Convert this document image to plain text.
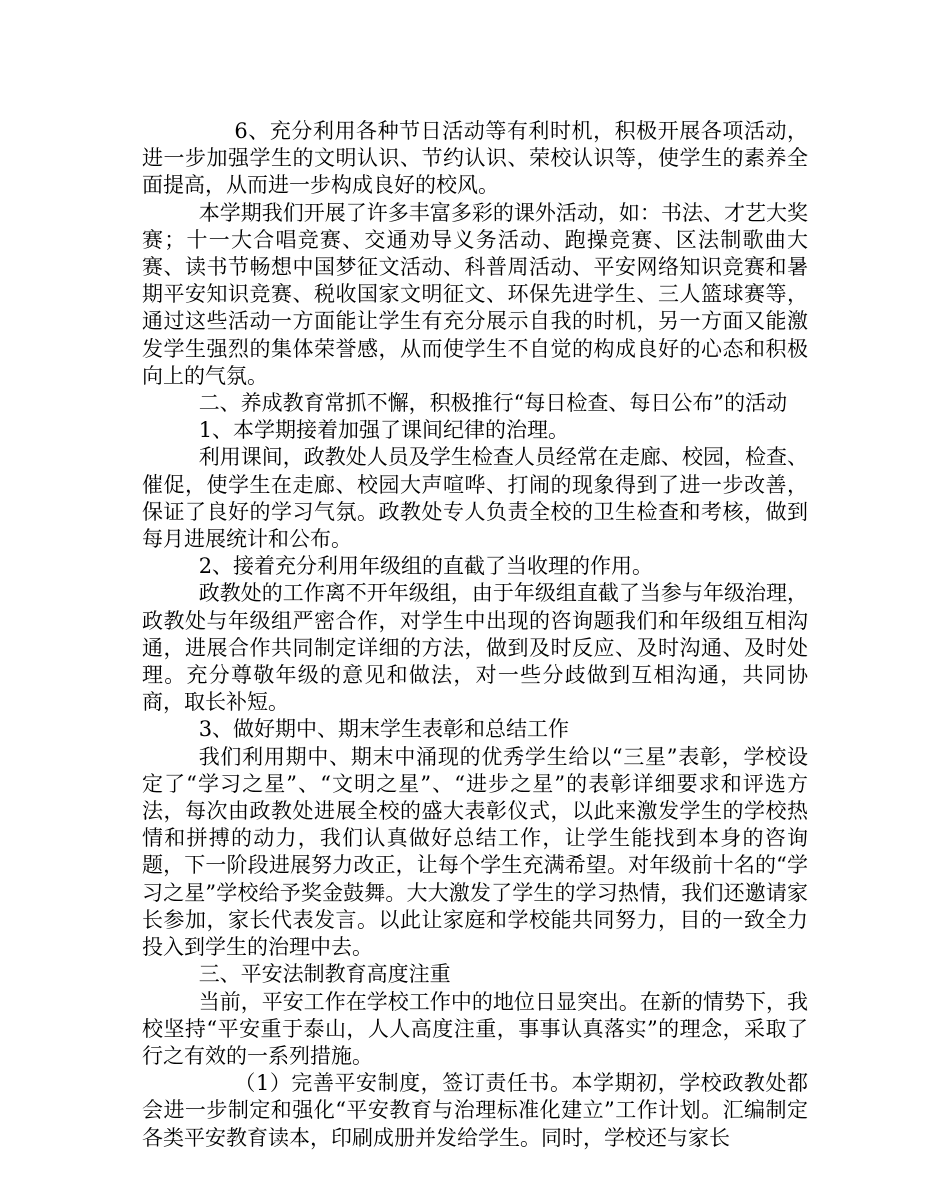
6、充分利用各种节日活动等有利时机，积极开展各项活动，进一步加强学生的文明认识、节约认识、荣校认识等，使学生的素养全面提高，从而进一步构成良好的校风。

本学期我们开展了许多丰富多彩的课外活动，如：书法、才艺大奖赛；十一大合唱竞赛、交通劝导义务活动、跑操竞赛、区法制歌曲大赛、读书节畅想中国梦征文活动、科普周活动、平安网络知识竞赛和暑期平安知识竞赛、税收国家文明征文、环保先进学生、三人篮球赛等，通过这些活动一方面能让学生有充分展示自我的时机，另一方面又能激发学生强烈的集体荣誉感，从而使学生不自觉的构成良好的心态和积极向上的气氛。

二、养成教育常抓不懈，积极推行“每日检查、每日公布”的活动

1、本学期接着加强了课间纪律的治理。

利用课间，政教处人员及学生检查人员经常在走廊、校园，检查、催促，使学生在走廊、校园大声喧哗、打闹的现象得到了进一步改善，保证了良好的学习气氛。政教处专人负责全校的卫生检查和考核，做到每月进展统计和公布。

2、接着充分利用年级组的直截了当收理的作用。

政教处的工作离不开年级组，由于年级组直截了当参与年级治理，政教处与年级组严密合作，对学生中出现的咨询题我们和年级组互相沟通，进展合作共同制定详细的方法，做到及时反应、及时沟通、及时处理。充分尊敬年级的意见和做法，对一些分歧做到互相沟通，共同协商，取长补短。

3、做好期中、期末学生表彰和总结工作

我们利用期中、期末中涌现的优秀学生给以“三星”表彰，学校设定了“学习之星”、“文明之星”、“进步之星”的表彰详细要求和评选方法，每次由政教处进展全校的盛大表彰仪式，以此来激发学生的学校热情和拼搏的动力，我们认真做好总结工作，让学生能找到本身的咨询题，下一阶段进展努力改正，让每个学生充满希望。对年级前十名的“学习之星”学校给予奖金鼓舞。大大激发了学生的学习热情，我们还邀请家长参加，家长代表发言。以此让家庭和学校能共同努力，目的一致全力投入到学生的治理中去。

三、平安法制教育高度注重

当前，平安工作在学校工作中的地位日显突出。在新的情势下，我校坚持“平安重于泰山，人人高度注重，事事认真落实”的理念，采取了行之有效的一系列措施。

（1）完善平安制度，签订责任书。本学期初，学校政教处都会进一步制定和强化“平安教育与治理标准化建立”工作计划。汇编制定各类平安教育读本，印刷成册并发给学生。同时，学校还与家长
